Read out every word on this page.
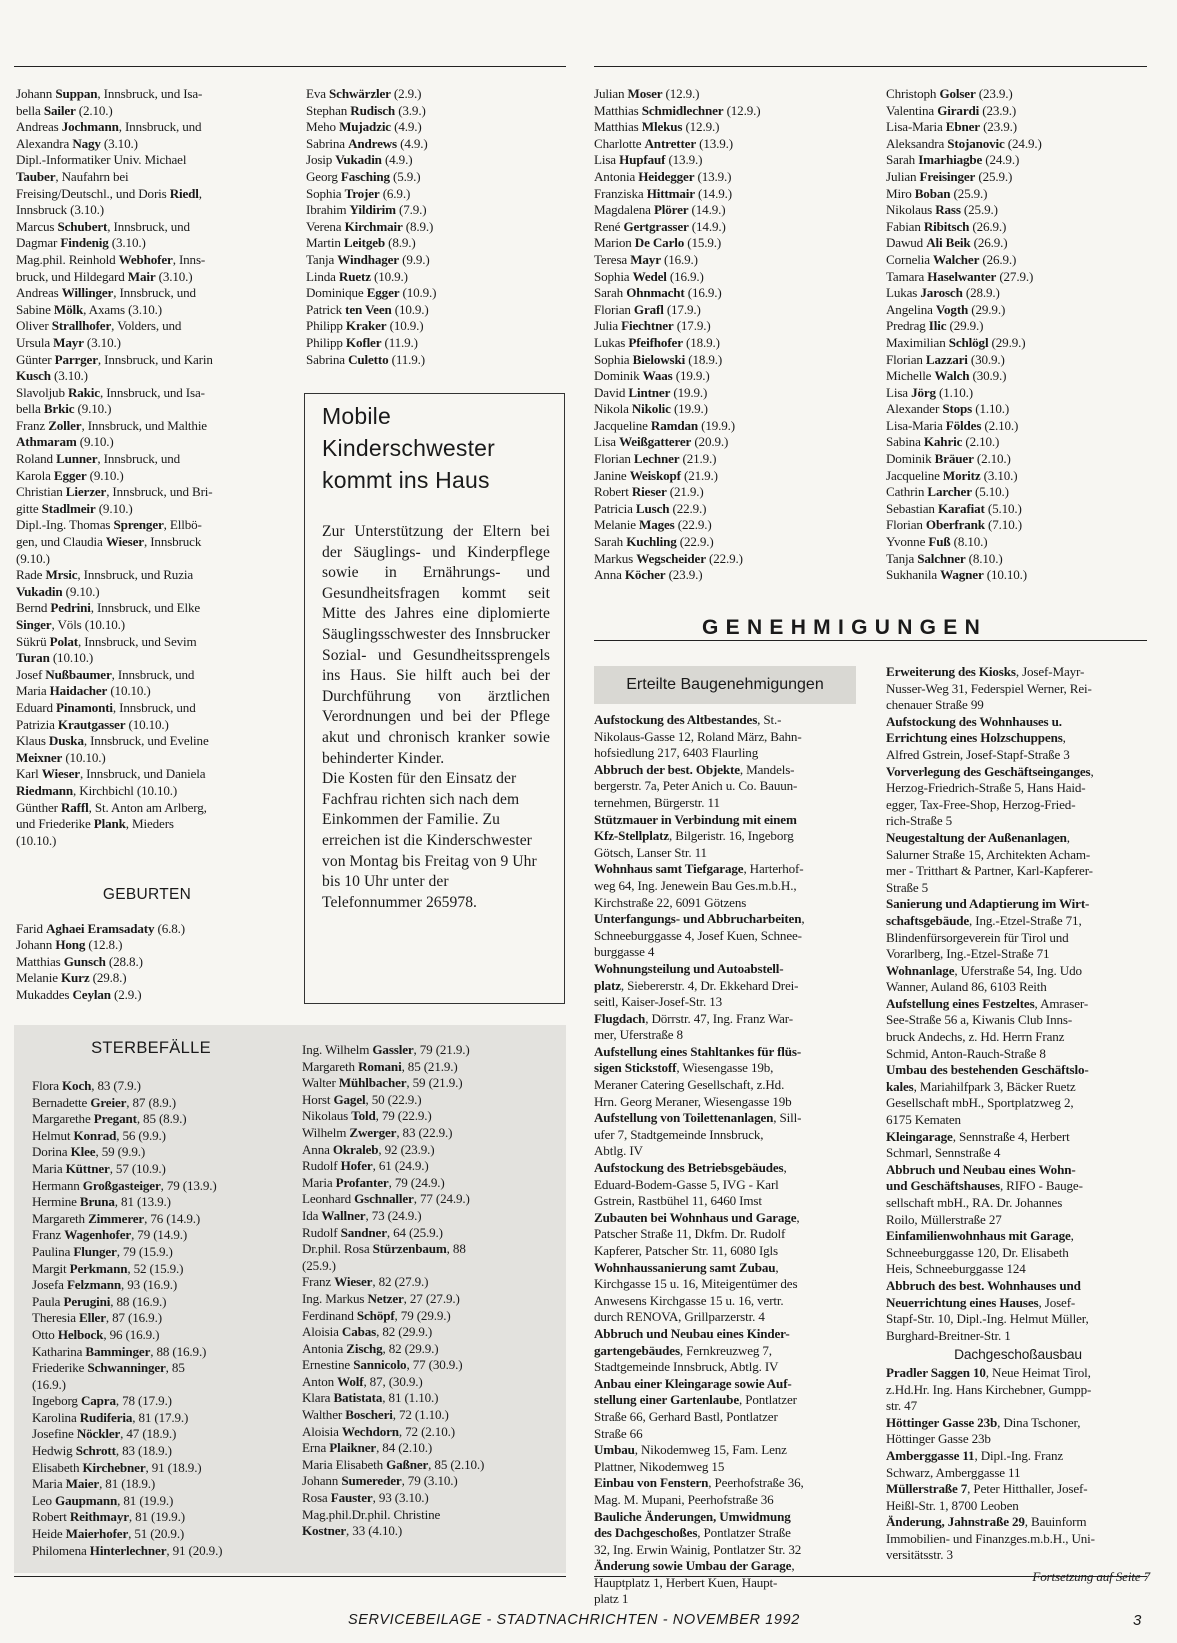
Johann Suppan, Innsbruck, und Isa-

bella Sailer (2.10.)

Andreas Jochmann, Innsbruck, und

Alexandra Nagy (3.10.)

Dipl.-Informatiker Univ. Michael

Tauber, Naufahrn bei

Freising/Deutschl., und Doris Riedl,

Innsbruck (3.10.)

Marcus Schubert, Innsbruck, und

Dagmar Findenig (3.10.)

Mag.phil. Reinhold Webhofer, Inns-

bruck, und Hildegard Mair (3.10.)

Andreas Willinger, Innsbruck, und

Sabine Mölk, Axams (3.10.)

Oliver Strallhofer, Volders, und

Ursula Mayr (3.10.)

Günter Parrger, Innsbruck, und Karin

Kusch (3.10.)

Slavoljub Rakic, Innsbruck, und Isa-

bella Brkic (9.10.)

Franz Zoller, Innsbruck, und Malthie

Athmaram (9.10.)

Roland Lunner, Innsbruck, und

Karola Egger (9.10.)

Christian Lierzer, Innsbruck, und Bri-

gitte Stadlmeir (9.10.)

Dipl.-Ing. Thomas Sprenger, Ellbö-

gen, und Claudia Wieser, Innsbruck

(9.10.)

Rade Mrsic, Innsbruck, und Ruzia

Vukadin (9.10.)

Bernd Pedrini, Innsbruck, und Elke

Singer, Völs (10.10.)

Sükrü Polat, Innsbruck, und Sevim

Turan (10.10.)

Josef Nußbaumer, Innsbruck, und

Maria Haidacher (10.10.)

Eduard Pinamonti, Innsbruck, und

Patrizia Krautgasser (10.10.)

Klaus Duska, Innsbruck, und Eveline

Meixner (10.10.)

Karl Wieser, Innsbruck, und Daniela

Riedmann, Kirchbichl (10.10.)

Günther Raffl, St. Anton am Arlberg,

und Friederike Plank, Mieders

(10.10.)

GEBURTEN

Farid Aghaei Eramsadaty (6.8.)

Johann Hong (12.8.)

Matthias Gunsch (28.8.)

Melanie Kurz (29.8.)

Mukaddes Ceylan (2.9.)

Eva Schwärzler (2.9.)

Stephan Rudisch (3.9.)

Meho Mujadzic (4.9.)

Sabrina Andrews (4.9.)

Josip Vukadin (4.9.)

Georg Fasching (5.9.)

Sophia Trojer (6.9.)

Ibrahim Yildirim (7.9.)

Verena Kirchmair (8.9.)

Martin Leitgeb (8.9.)

Tanja Windhager (9.9.)

Linda Ruetz (10.9.)

Dominique Egger (10.9.)

Patrick ten Veen (10.9.)

Philipp Kraker (10.9.)

Philipp Kofler (11.9.)

Sabrina Culetto (11.9.)

Mobile

Kinderschwester

kommt ins Haus

Zur Unterstützung der Eltern bei der Säuglings- und Kinderpflege sowie in Ernährungs- und Gesundheitsfragen kommt seit Mitte des Jahres eine diplomierte Säuglingsschwester des Innsbrucker Sozial- und Gesundheitssprengels ins Haus. Sie hilft auch bei der Durchführung von ärztlichen Verordnungen und bei der Pflege akut und chronisch kranker sowie behinderter Kinder.

Die Kosten für den Einsatz der Fachfrau richten sich nach dem Einkommen der Familie. Zu erreichen ist die Kinderschwester von Montag bis Freitag von 9 Uhr bis 10 Uhr unter der Telefonnummer 265978.

Julian Moser (12.9.)

Matthias Schmidlechner (12.9.)

Matthias Mlekus (12.9.)

Charlotte Antretter (13.9.)

Lisa Hupfauf (13.9.)

Antonia Heidegger (13.9.)

Franziska Hittmair (14.9.)

Magdalena Plörer (14.9.)

René Gertgrasser (14.9.)

Marion De Carlo (15.9.)

Teresa Mayr (16.9.)

Sophia Wedel (16.9.)

Sarah Ohnmacht (16.9.)

Florian Grafl (17.9.)

Julia Fiechtner (17.9.)

Lukas Pfeifhofer (18.9.)

Sophia Bielowski (18.9.)

Dominik Waas (19.9.)

David Lintner (19.9.)

Nikola Nikolic (19.9.)

Jacqueline Ramdan (19.9.)

Lisa Weißgatterer (20.9.)

Florian Lechner (21.9.)

Janine Weiskopf (21.9.)

Robert Rieser (21.9.)

Patricia Lusch (22.9.)

Melanie Mages (22.9.)

Sarah Kuchling (22.9.)

Markus Wegscheider (22.9.)

Anna Köcher (23.9.)

Christoph Golser (23.9.)

Valentina Girardi (23.9.)

Lisa-Maria Ebner (23.9.)

Aleksandra Stojanovic (24.9.)

Sarah Imarhiagbe (24.9.)

Julian Freisinger (25.9.)

Miro Boban (25.9.)

Nikolaus Rass (25.9.)

Fabian Ribitsch (26.9.)

Dawud Ali Beik (26.9.)

Cornelia Walcher (26.9.)

Tamara Haselwanter (27.9.)

Lukas Jarosch (28.9.)

Angelina Vogth (29.9.)

Predrag Ilic (29.9.)

Maximilian Schlögl (29.9.)

Florian Lazzari (30.9.)

Michelle Walch (30.9.)

Lisa Jörg (1.10.)

Alexander Stops (1.10.)

Lisa-Maria Földes (2.10.)

Sabina Kahric (2.10.)

Dominik Bräuer (2.10.)

Jacqueline Moritz (3.10.)

Cathrin Larcher (5.10.)

Sebastian Karafiat (5.10.)

Florian Oberfrank (7.10.)

Yvonne Fuß (8.10.)

Tanja Salchner (8.10.)

Sukhanila Wagner (10.10.)

GENEHMIGUNGEN

Erteilte Baugenehmigungen

Aufstockung des Altbestandes, St.-

Nikolaus-Gasse 12, Roland März, Bahn-

hofsiedlung 217, 6403 Flaurling

Abbruch der best. Objekte, Mandels-

bergerstr. 7a, Peter Anich u. Co. Bauun-

ternehmen, Bürgerstr. 11

Stützmauer in Verbindung mit einem

Kfz-Stellplatz, Bilgeristr. 16, Ingeborg

Götsch, Lanser Str. 11

Wohnhaus samt Tiefgarage, Harterhof-

weg 64, Ing. Jenewein Bau Ges.m.b.H.,

Kirchstraße 22, 6091 Götzens

Unterfangungs- und Abbrucharbeiten,

Schneeburggasse 4, Josef Kuen, Schnee-

burggasse 4

Wohnungsteilung und Autoabstell-

platz, Siebererstr. 4, Dr. Ekkehard Drei-

seitl, Kaiser-Josef-Str. 13

Flugdach, Dörrstr. 47, Ing. Franz War-

mer, Uferstraße 8

Aufstellung eines Stahltankes für flüs-

sigen Stickstoff, Wiesengasse 19b,

Meraner Catering Gesellschaft, z.Hd.

Hrn. Georg Meraner, Wiesengasse 19b

Aufstellung von Toilettenanlagen, Sill-

ufer 7, Stadtgemeinde Innsbruck,

Abtlg. IV

Aufstockung des Betriebsgebäudes,

Eduard-Bodem-Gasse 5, IVG - Karl

Gstrein, Rastbühel 11, 6460 Imst

Zubauten bei Wohnhaus und Garage,

Patscher Straße 11, Dkfm. Dr. Rudolf

Kapferer, Patscher Str. 11, 6080 Igls

Wohnhaussanierung samt Zubau,

Kirchgasse 15 u. 16, Miteigentümer des

Anwesens Kirchgasse 15 u. 16, vertr.

durch RENOVA, Grillparzerstr. 4

Abbruch und Neubau eines Kinder-

gartengebäudes, Fernkreuzweg 7,

Stadtgemeinde Innsbruck, Abtlg. IV

Anbau einer Kleingarage sowie Auf-

stellung einer Gartenlaube, Pontlatzer

Straße 66, Gerhard Bastl, Pontlatzer

Straße 66

Umbau, Nikodemweg 15, Fam. Lenz

Plattner, Nikodemweg 15

Einbau von Fenstern, Peerhofstraße 36,

Mag. M. Mupani, Peerhofstraße 36

Bauliche Änderungen, Umwidmung

des Dachgeschoßes, Pontlatzer Straße

32, Ing. Erwin Wainig, Pontlatzer Str. 32

Änderung sowie Umbau der Garage,

Hauptplatz 1, Herbert Kuen, Haupt-

platz 1

Erweiterung des Kiosks, Josef-Mayr-

Nusser-Weg 31, Federspiel Werner, Rei-

chenauer Straße 99

Aufstockung des Wohnhauses u.

Errichtung eines Holzschuppens,

Alfred Gstrein, Josef-Stapf-Straße 3

Vorverlegung des Geschäftseinganges,

Herzog-Friedrich-Straße 5, Hans Haid-

egger, Tax-Free-Shop, Herzog-Fried-

rich-Straße 5

Neugestaltung der Außenanlagen,

Salurner Straße 15, Architekten Acham-

mer - Tritthart & Partner, Karl-Kapferer-

Straße 5

Sanierung und Adaptierung im Wirt-

schaftsgebäude, Ing.-Etzel-Straße 71,

Blindenfürsorgeverein für Tirol und

Vorarlberg, Ing.-Etzel-Straße 71

Wohnanlage, Uferstraße 54, Ing. Udo

Wanner, Auland 86, 6103 Reith

Aufstellung eines Festzeltes, Amraser-

See-Straße 56 a, Kiwanis Club Inns-

bruck Andechs, z. Hd. Herrn Franz

Schmid, Anton-Rauch-Straße 8

Umbau des bestehenden Geschäftslo-

kales, Mariahilfpark 3, Bäcker Ruetz

Gesellschaft mbH., Sportplatzweg 2,

6175 Kematen

Kleingarage, Sennstraße 4, Herbert

Schmarl, Sennstraße 4

Abbruch und Neubau eines Wohn-

und Geschäftshauses, RIFO - Bauge-

sellschaft mbH., RA. Dr. Johannes

Roilo, Müllerstraße 27

Einfamilienwohnhaus mit Garage,

Schneeburggasse 120, Dr. Elisabeth

Heis, Schneeburggasse 124

Abbruch des best. Wohnhauses und

Neuerrichtung eines Hauses, Josef-

Stapf-Str. 10, Dipl.-Ing. Helmut Müller,

Burghard-Breitner-Str. 1

Dachgeschoßausbau

Pradler Saggen 10, Neue Heimat Tirol,

z.Hd.Hr. Ing. Hans Kirchebner, Gumpp-

str. 47

Höttinger Gasse 23b, Dina Tschoner,

Höttinger Gasse 23b

Amberggasse 11, Dipl.-Ing. Franz

Schwarz, Amberggasse 11

Müllerstraße 7, Peter Hitthaller, Josef-

Heißl-Str. 1, 8700 Leoben

Änderung, Jahnstraße 29, Bauinform

Immobilien- und Finanzges.m.b.H., Uni-

versitätsstr. 3

Fortsetzung auf Seite 7

STERBEFÄLLE

Flora Koch, 83 (7.9.)

Bernadette Greier, 87 (8.9.)

Margarethe Pregant, 85 (8.9.)

Helmut Konrad, 56 (9.9.)

Dorina Klee, 59 (9.9.)

Maria Küttner, 57 (10.9.)

Hermann Großgasteiger, 79 (13.9.)

Hermine Bruna, 81 (13.9.)

Margareth Zimmerer, 76 (14.9.)

Franz Wagenhofer, 79 (14.9.)

Paulina Flunger, 79 (15.9.)

Margit Perkmann, 52 (15.9.)

Josefa Felzmann, 93 (16.9.)

Paula Perugini, 88 (16.9.)

Theresia Eller, 87 (16.9.)

Otto Helbock, 96 (16.9.)

Katharina Bamminger, 88 (16.9.)

Friederike Schwanninger, 85

(16.9.)

Ingeborg Capra, 78 (17.9.)

Karolina Rudiferia, 81 (17.9.)

Josefine Nöckler, 47 (18.9.)

Hedwig Schrott, 83 (18.9.)

Elisabeth Kirchebner, 91 (18.9.)

Maria Maier, 81 (18.9.)

Leo Gaupmann, 81 (19.9.)

Robert Reithmayr, 81 (19.9.)

Heide Maierhofer, 51 (20.9.)

Philomena Hinterlechner, 91 (20.9.)

Ing. Wilhelm Gassler, 79 (21.9.)

Margareth Romani, 85 (21.9.)

Walter Mühlbacher, 59 (21.9.)

Horst Gagel, 50 (22.9.)

Nikolaus Told, 79 (22.9.)

Wilhelm Zwerger, 83 (22.9.)

Anna Okraleb, 92 (23.9.)

Rudolf Hofer, 61 (24.9.)

Maria Profanter, 79 (24.9.)

Leonhard Gschnaller, 77 (24.9.)

Ida Wallner, 73 (24.9.)

Rudolf Sandner, 64 (25.9.)

Dr.phil. Rosa Stürzenbaum, 88

(25.9.)

Franz Wieser, 82 (27.9.)

Ing. Markus Netzer, 27 (27.9.)

Ferdinand Schöpf, 79 (29.9.)

Aloisia Cabas, 82 (29.9.)

Antonia Zischg, 82 (29.9.)

Ernestine Sannicolo, 77 (30.9.)

Anton Wolf, 87, (30.9.)

Klara Batistata, 81 (1.10.)

Walther Boscheri, 72 (1.10.)

Aloisia Wechdorn, 72 (2.10.)

Erna Plaikner, 84 (2.10.)

Maria Elisabeth Gaßner, 85 (2.10.)

Johann Sumereder, 79 (3.10.)

Rosa Fauster, 93 (3.10.)

Mag.phil.Dr.phil. Christine

Kostner, 33 (4.10.)

SERVICEBEILAGE - STADTNACHRICHTEN - NOVEMBER 1992	3
